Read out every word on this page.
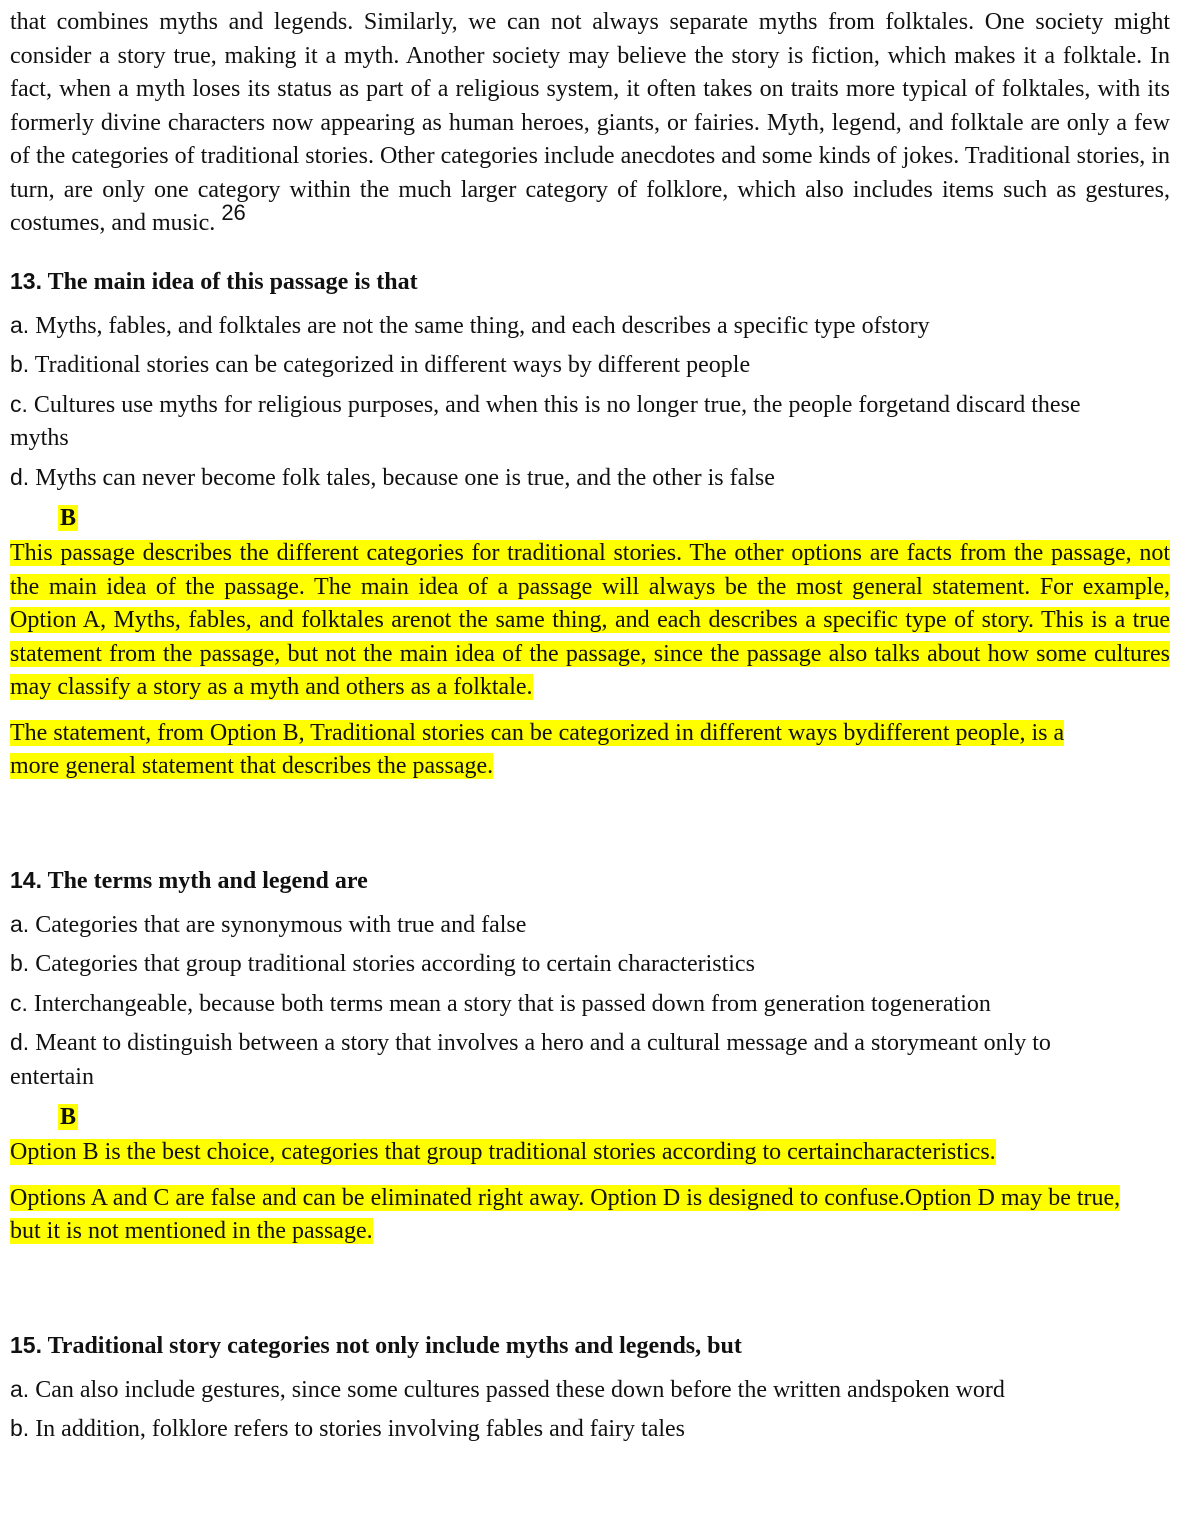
that combines myths and legends. Similarly, we can not always separate myths from folktales. One society might consider a story true, making it a myth. Another society may believe the story is fiction, which makes it a folktale. In fact, when a myth loses its status as part of a religious system, it often takes on traits more typical of folktales, with its formerly divine characters now appearing as human heroes, giants, or fairies. Myth, legend, and folktale are only a few of the categories of traditional stories. Other categories include anecdotes and some kinds of jokes. Traditional stories, in turn, are only one category within the much larger category of folklore, which also includes items such as gestures, costumes, and music. $^{26}$

13. The main idea of this passage is that

a. Myths, fables, and folktales are not the same thing, and each describes a specific type ofstory

b. Traditional stories can be categorized in different ways by different people

c. Cultures use myths for religious purposes, and when this is no longer true, the people forgetand discard these myths

d. Myths can never become folk tales, because one is true, and the other is false

B

This passage describes the different categories for traditional stories. The other options are facts from the passage, not the main idea of the passage. The main idea of a passage will always be the most general statement. For example, Option A, Myths, fables, and folktales arenot the same thing, and each describes a specific type of story. This is a true statement from the passage, but not the main idea of the passage, since the passage also talks about how some cultures may classify a story as a myth and others as a folktale.

The statement, from Option B, Traditional stories can be categorized in different ways bydifferent people, is a more general statement that describes the passage.

14. The terms myth and legend are

a. Categories that are synonymous with true and false

b. Categories that group traditional stories according to certain characteristics

c. Interchangeable, because both terms mean a story that is passed down from generation togeneration

d. Meant to distinguish between a story that involves a hero and a cultural message and a storymeant only to entertain

B

Option B is the best choice, categories that group traditional stories according to certaincharacteristics.

Options A and C are false and can be eliminated right away. Option D is designed to confuse.Option D may be true, but it is not mentioned in the passage.

15. Traditional story categories not only include myths and legends, but

a. Can also include gestures, since some cultures passed these down before the written andspoken word

b. In addition, folklore refers to stories involving fables and fairy tales
